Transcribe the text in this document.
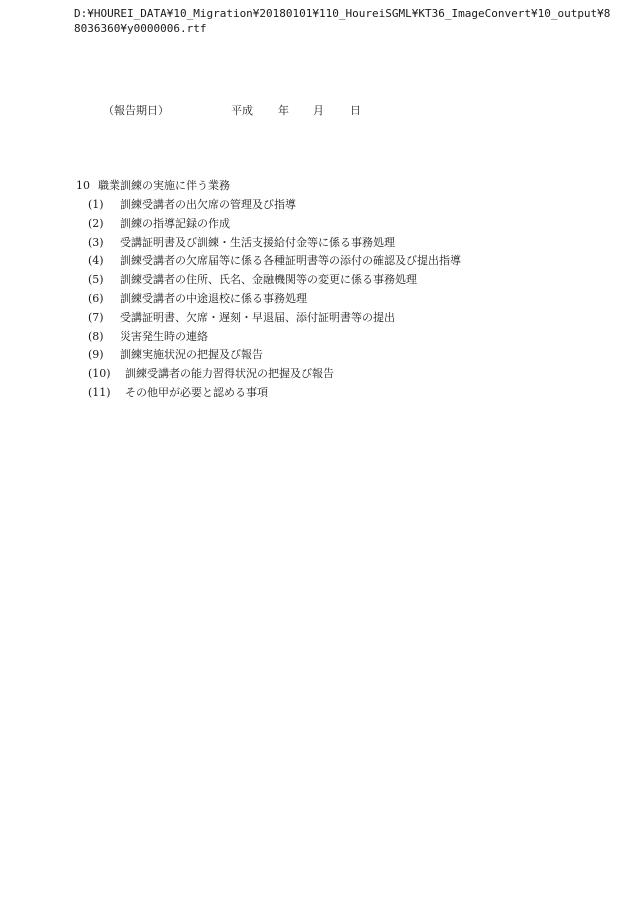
D:¥HOUREI_DATA¥10_Migration¥20180101¥110_HoureiSGML¥KT36_ImageConvert¥10_output¥88036360¥y0000006.rtf
（報告期日）	平成 年 月 日
10 職業訓練の実施に伴う業務
(1) 訓練受講者の出欠席の管理及び指導
(2) 訓練の指導記録の作成
(3) 受講証明書及び訓練・生活支援給付金等に係る事務処理
(4) 訓練受講者の欠席届等に係る各種証明書等の添付の確認及び提出指導
(5) 訓練受講者の住所、氏名、金融機関等の変更に係る事務処理
(6) 訓練受講者の中途退校に係る事務処理
(7) 受講証明書、欠席・遅刻・早退届、添付証明書等の提出
(8) 災害発生時の連絡
(9) 訓練実施状況の把握及び報告
(10) 訓練受講者の能力習得状況の把握及び報告
(11) その他甲が必要と認める事項
